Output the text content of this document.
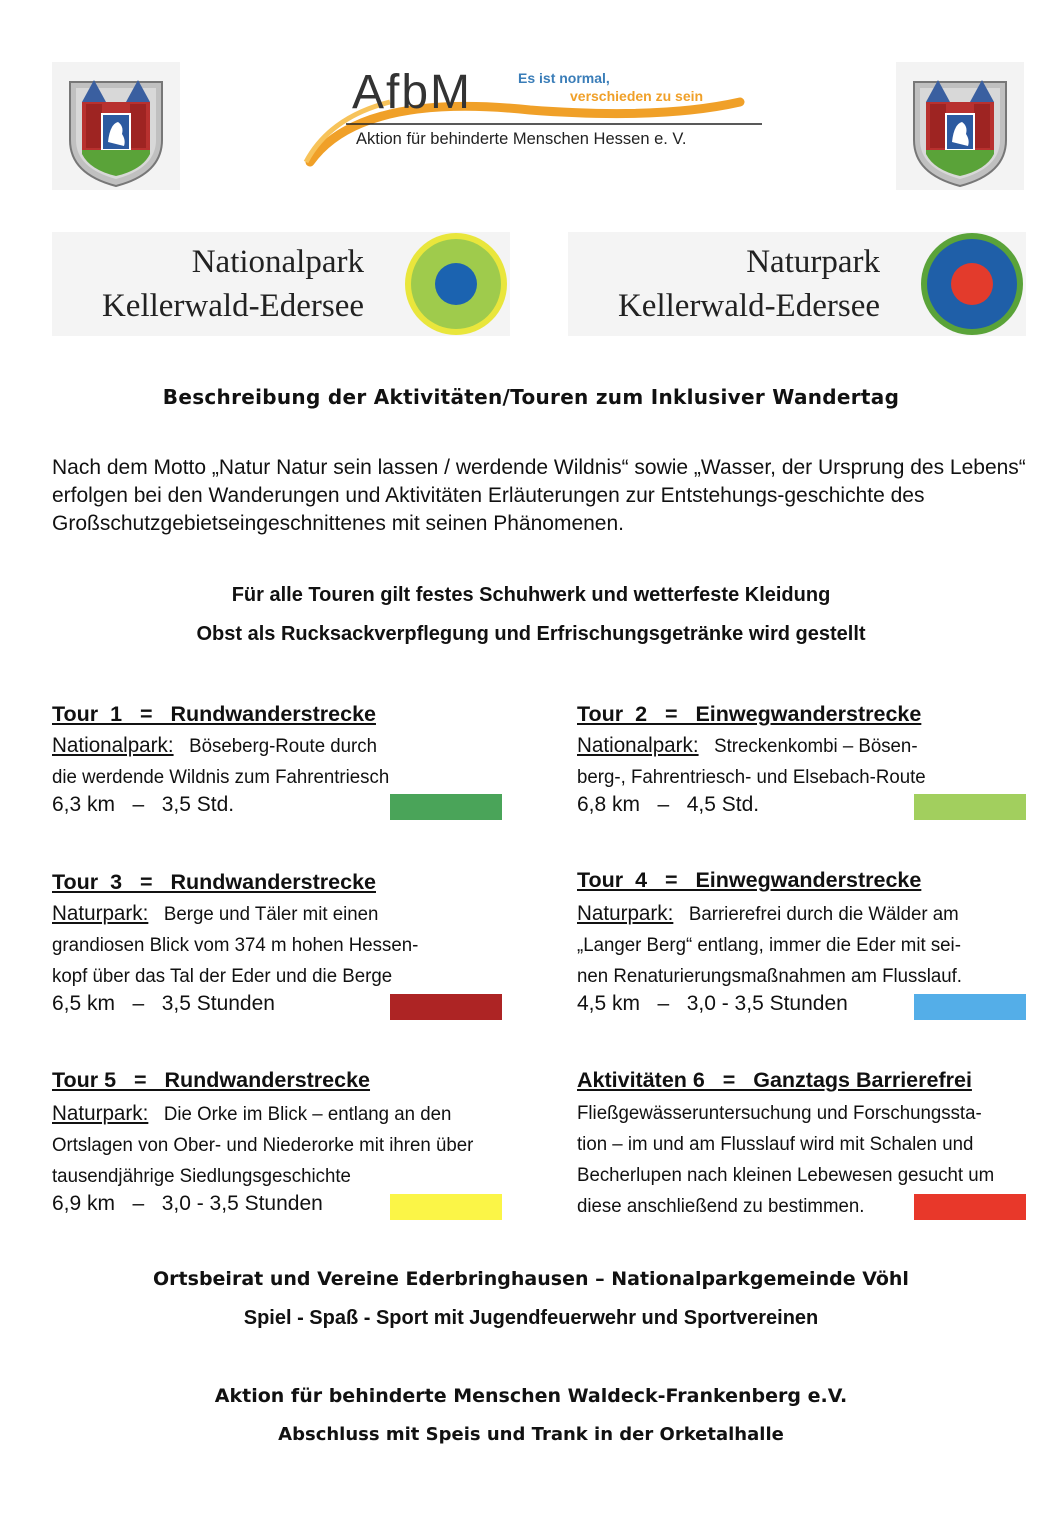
AfbM	Es ist normal,
verschieden zu sein
Aktion für behinderte Menschen Hessen e. V.
Nationalpark
Kellerwald-Edersee
Naturpark
Kellerwald-Edersee
Beschreibung der Aktivitäten/Touren zum Inklusiver Wandertag
Nach dem Motto „Natur Natur sein lassen / werdende Wildnis“ sowie „Wasser, der Ursprung des Lebens“ erfolgen bei den Wanderungen und Aktivitäten Erläuterungen zur Entstehungs-geschichte des Großschutzgebietseingeschnittenes mit seinen Phänomenen.
Für alle Touren gilt festes Schuhwerk und wetterfeste Kleidung
Obst als Rucksackverpflegung und Erfrischungsgetränke wird gestellt
Tour  1   =   Rundwanderstrecke
Nationalpark: Böseberg-Route durch
die werdende Wildnis zum Fahrentriesch
6,3 km   –   3,5 Std.
Tour  2   =   Einwegwanderstrecke
Nationalpark: Streckenkombi – Bösen-
berg-, Fahrentriesch- und Elsebach-Route
6,8 km   –   4,5 Std.
Tour  3   =   Rundwanderstrecke
Naturpark: Berge und Täler mit einen
grandiosen Blick vom 374 m hohen Hessen-
kopf über das Tal der Eder und die Berge
6,5 km   –   3,5 Stunden
Tour  4   =   Einwegwanderstrecke
Naturpark: Barrierefrei durch die Wälder am
„Langer Berg“ entlang, immer die Eder mit sei-
nen Renaturierungsmaßnahmen am Flusslauf.
4,5 km   –   3,0 - 3,5 Stunden
Tour 5   =   Rundwanderstrecke
Naturpark: Die Orke im Blick – entlang an den
Ortslagen von Ober- und Niederorke mit ihren über
tausendjährige Siedlungsgeschichte
6,9 km   –   3,0 - 3,5 Stunden
Aktivitäten 6   =   Ganztags Barrierefrei
Fließgewässeruntersuchung und Forschungssta-
tion – im und am Flusslauf wird mit Schalen und
Becherlupen nach kleinen Lebewesen gesucht um
diese anschließend zu bestimmen.
Ortsbeirat und Vereine Ederbringhausen – Nationalparkgemeinde Vöhl
Spiel - Spaß - Sport mit Jugendfeuerwehr und Sportvereinen
Aktion für behinderte Menschen Waldeck-Frankenberg e.V.
Abschluss mit Speis und Trank in der Orketalhalle
